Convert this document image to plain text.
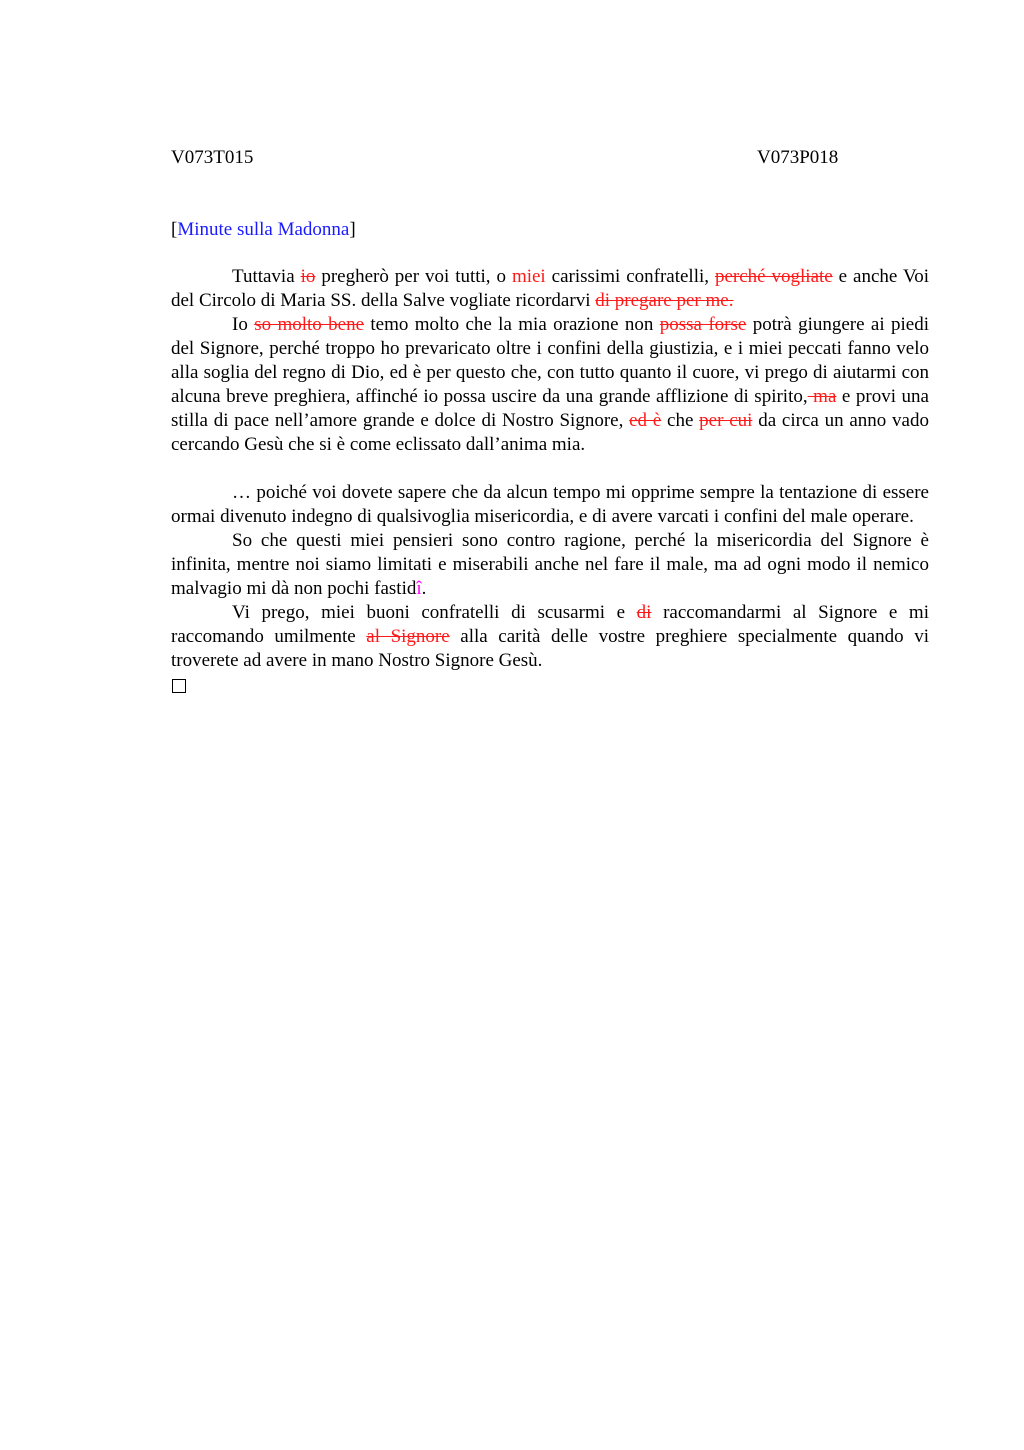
V073T015	V073P018
[Minute sulla Madonna]

Tuttavia io pregherò per voi tutti, o miei carissimi confratelli, perché vogliate e anche Voi del Circolo di Maria SS. della Salve vogliate ricordarvi di pregare per me.

Io so molto bene temo molto che la mia orazione non possa forse potrà giungere ai piedi del Signore, perché troppo ho prevaricato oltre i confini della giustizia, e i miei peccati fanno velo alla soglia del regno di Dio, ed è per questo che, con tutto quanto il cuore, vi prego di aiutarmi con alcuna breve preghiera, affinché io possa uscire da una grande afflizione di spirito, ma e provi una stilla di pace nell’amore grande e dolce di Nostro Signore, ed è che per cui da circa un anno vado cercando Gesù che si è come eclissato dall’anima mia.

… poiché voi dovete sapere che da alcun tempo mi opprime sempre la tentazione di essere ormai divenuto indegno di qualsivoglia misericordia, e di avere varcati i confini del male operare.

So che questi miei pensieri sono contro ragione, perché la misericordia del Signore è infinita, mentre noi siamo limitati e miserabili anche nel fare il male, ma ad ogni modo il nemico malvagio mi dà non pochi fastidî.

Vi prego, miei buoni confratelli di scusarmi e di raccomandarmi al Signore e mi raccomando umilmente al Signore alla carità delle vostre preghiere specialmente quando vi troverete ad avere in mano Nostro Signore Gesù.
